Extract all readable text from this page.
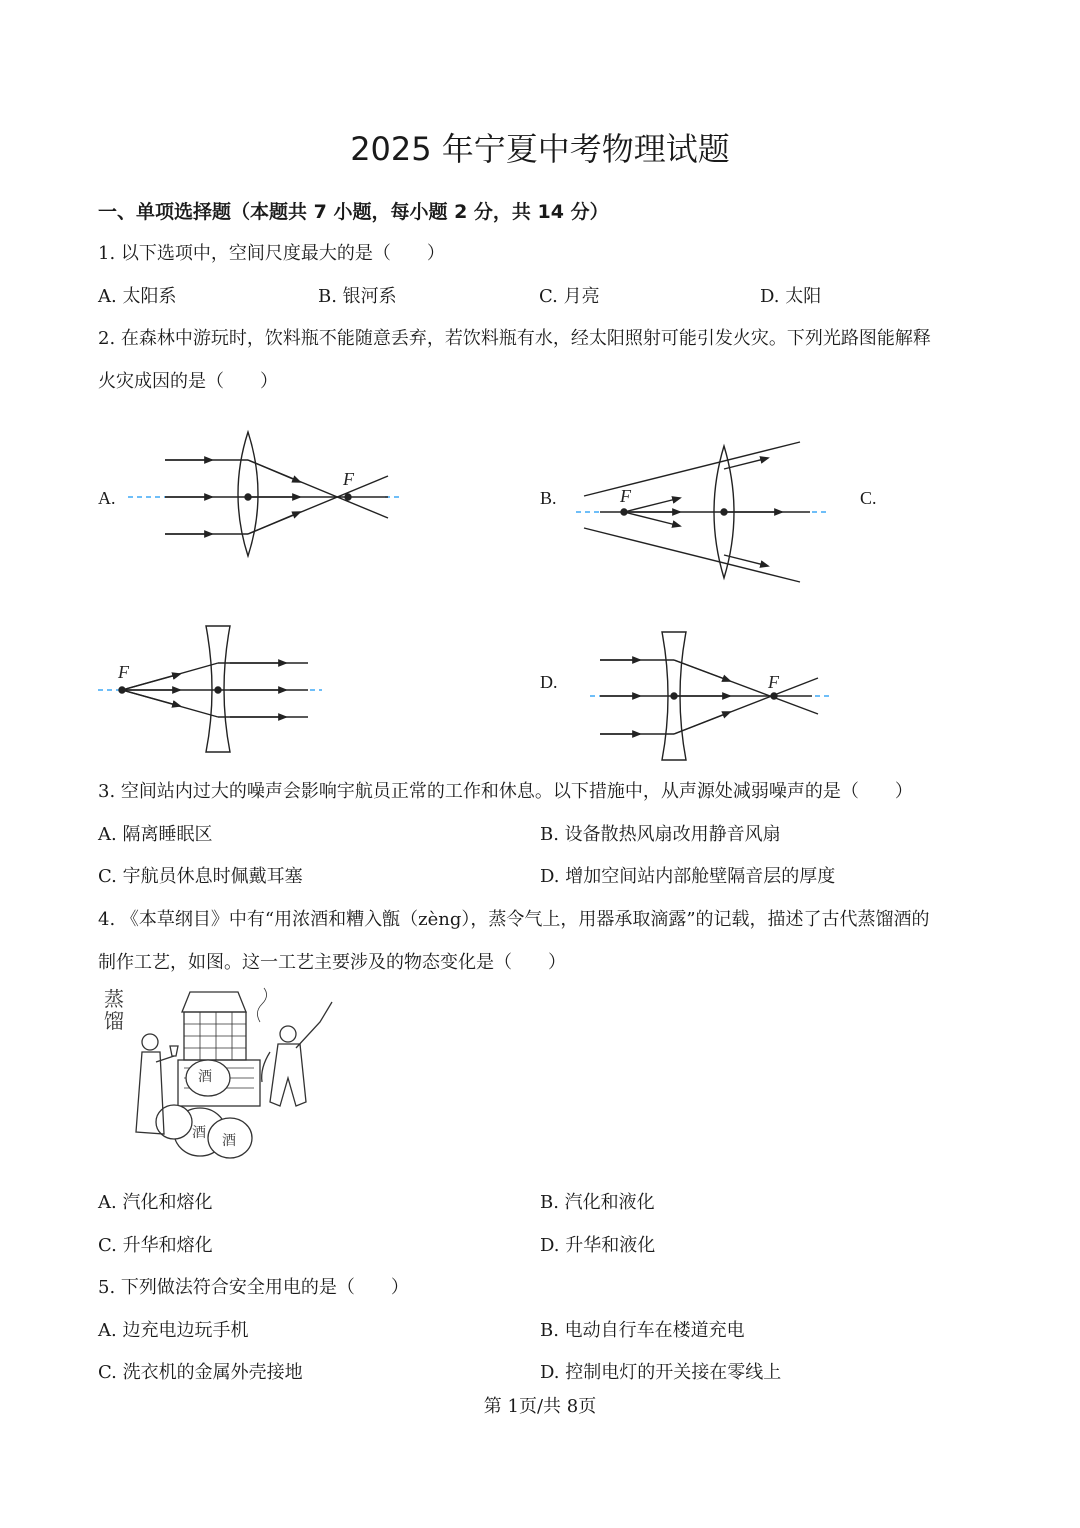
2025 年宁夏中考物理试题
一、单项选择题（本题共 7 小题，每小题 2 分，共 14 分）
1. 以下选项中，空间尺度最大的是（　　）
A. 太阳系	B. 银河系	C. 月亮	D. 太阳
2. 在森林中游玩时，饮料瓶不能随意丢弃，若饮料瓶有水，经太阳照射可能引发火灾。下列光路图能解释
火灾成因的是（　　）
A.	B.	C.
D.
F
F
F	F
3. 空间站内过大的噪声会影响宇航员正常的工作和休息。以下措施中，从声源处减弱噪声的是（　　）
A. 隔离睡眠区	B. 设备散热风扇改用静音风扇
C. 宇航员休息时佩戴耳塞	D. 增加空间站内部舱壁隔音层的厚度
4. 《本草纲目》中有“用浓酒和糟入甑（zèng），蒸令气上，用器承取滴露”的记载，描述了古代蒸馏酒的
制作工艺，如图。这一工艺主要涉及的物态变化是（　　）
蒸馏
酒
酒 酒
A. 汽化和熔化	B. 汽化和液化
C. 升华和熔化	D. 升华和液化
5. 下列做法符合安全用电的是（　　）
A. 边充电边玩手机	B. 电动自行车在楼道充电
C. 洗衣机的金属外壳接地	D. 控制电灯的开关接在零线上
第 1页/共 8页
